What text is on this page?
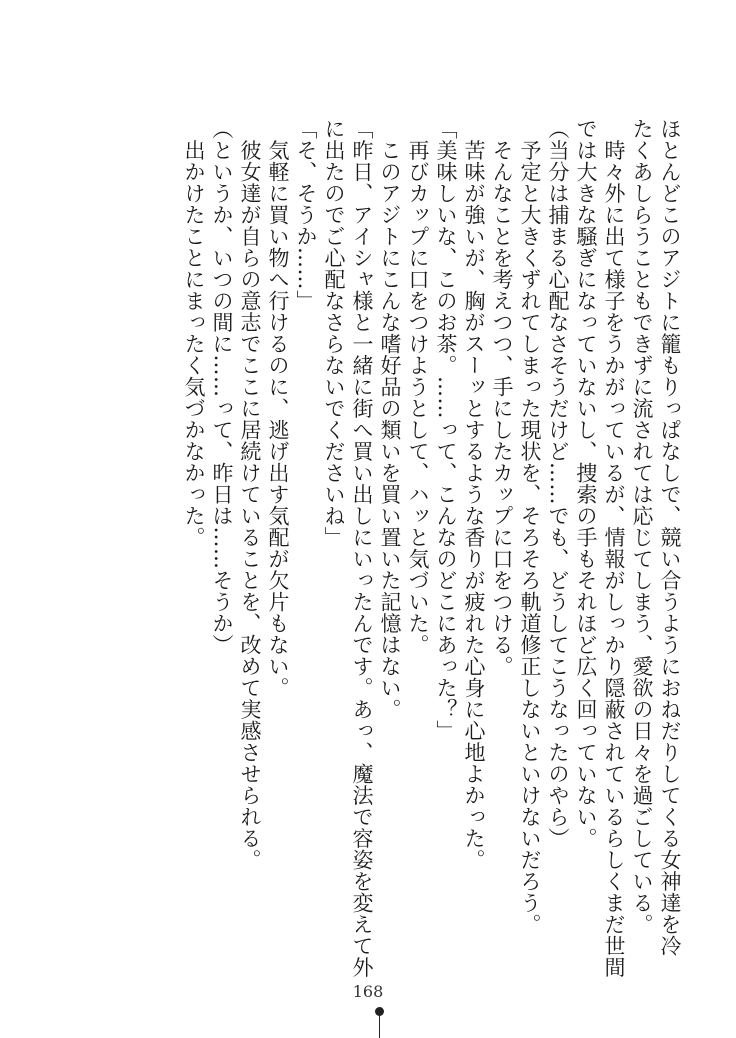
ほとんどこのアジトに籠もりっぱなしで、競い合うようにおねだりしてくる女神達を冷
たくあしらうこともできずに流されては応じてしまう、愛欲の日々を過ごしている。
　時々外に出て様子をうかがっているが、情報がしっかり隠蔽されているらしくまだ世間
では大きな騒ぎになっていないし、捜索の手もそれほど広く回っていない。
（当分は捕まる心配なさそうだけど……でも、どうしてこうなったのやら）
　予定と大きくずれてしまった現状を、そろそろ軌道修正しないといけないだろう。
　そんなことを考えつつ、手にしたカップに口をつける。
　苦味が強いが、胸がスーッとするような香りが疲れた心身に心地よかった。
「美味しいな、このお茶。……って、こんなのどこにあった？」
　再びカップに口をつけようとして、ハッと気づいた。
　このアジトにこんな嗜好品の類いを買い置いた記憶はない。
「昨日、アイシャ様と一緒に街へ買い出しにいったんです。あっ、魔法で容姿を変えて外
に出たのでご心配なさらないでくださいね」
「そ、そうか……」
　気軽に買い物へ行けるのに、逃げ出す気配が欠片もない。
　彼女達が自らの意志でここに居続けていることを、改めて実感させられる。
（というか、いつの間に……って、昨日は……そうか）
　出かけたことにまったく気づかなかった。
168
